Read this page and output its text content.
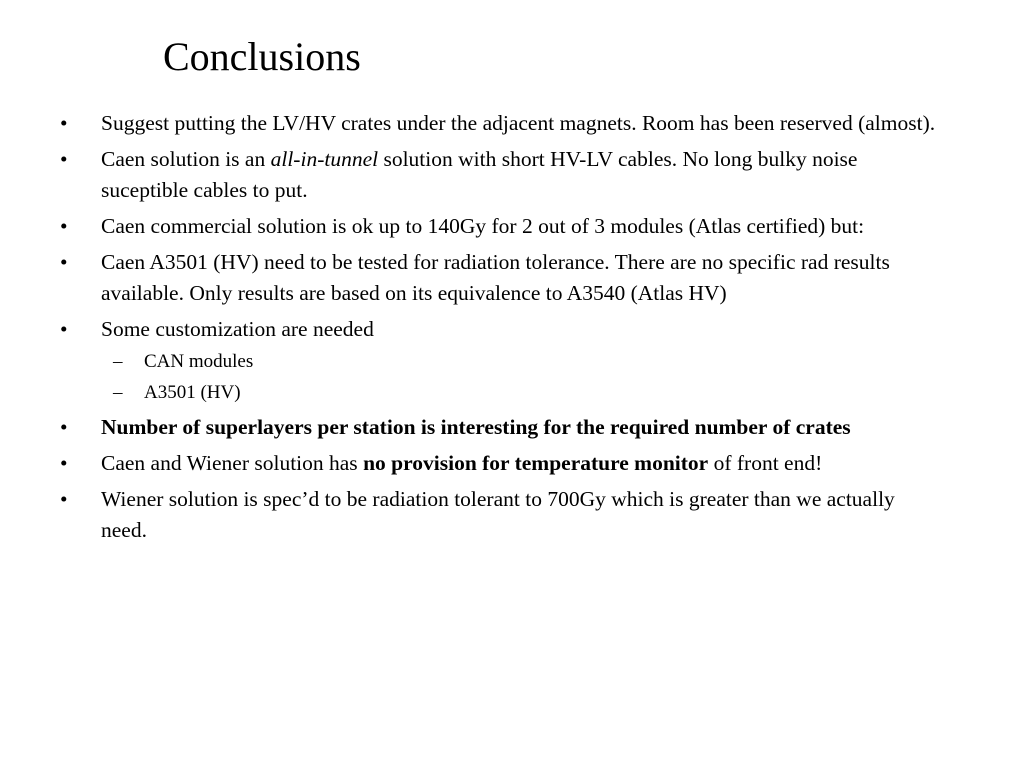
Conclusions
• Suggest putting the LV/HV crates under the adjacent magnets. Room has been reserved (almost).
• Caen solution is an all-in-tunnel solution with short HV-LV cables. No long bulky noise suceptible cables to put.
• Caen commercial solution is ok up to 140Gy for 2 out of 3 modules (Atlas certified) but:
• Caen A3501 (HV) need to be tested for radiation tolerance. There are no specific rad results available. Only results are based on its equivalence to A3540 (Atlas HV)
• Some customization are needed
– CAN modules
– A3501 (HV)
• Number of superlayers per station is interesting for the required number of crates
• Caen and Wiener solution has no provision for temperature monitor of front end!
• Wiener solution is spec’d to be radiation tolerant to 700Gy which is greater than we actually need.
